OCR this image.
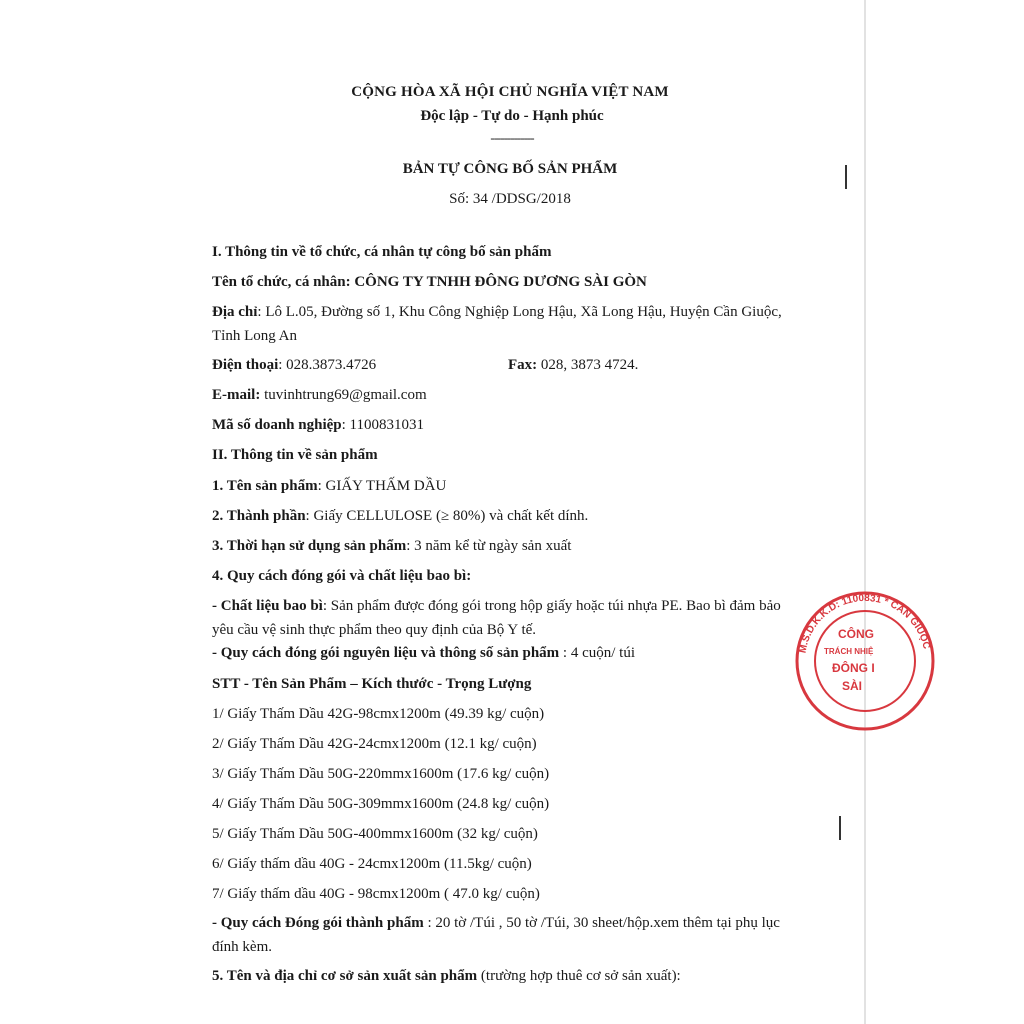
CỘNG HÒA XÃ HỘI CHỦ NGHĨA VIỆT NAM
Độc lập - Tự do - Hạnh phúc
-------------
BẢN TỰ CÔNG BỐ SẢN PHẨM
Số: 34 /DDSG/2018
I. Thông tin về tổ chức, cá nhân tự công bố sản phẩm
Tên tổ chức, cá nhân: CÔNG TY TNHH ĐÔNG DƯƠNG SÀI GÒN
Địa chỉ: Lô L.05, Đường số 1, Khu Công Nghiệp Long Hậu, Xã Long Hậu, Huyện Cần Giuộc,
Tỉnh Long An
Điện thoại: 028.3873.4726	Fax: 028, 3873 4724.
E-mail: tuvinhtrung69@gmail.com
Mã số doanh nghiệp: 1100831031
II. Thông tin về sản phẩm
1. Tên sản phẩm: GIẤY THẤM DẦU
2. Thành phần: Giấy CELLULOSE (≥ 80%) và chất kết dính.
3. Thời hạn sử dụng sản phẩm: 3 năm kể từ ngày sản xuất
4. Quy cách đóng gói và chất liệu bao bì:
- Chất liệu bao bì: Sản phẩm được đóng gói trong hộp giấy hoặc túi nhựa PE. Bao bì đảm bảo
yêu cầu vệ sinh thực phẩm theo quy định của Bộ Y tế.
- Quy cách đóng gói nguyên liệu và thông số sản phẩm : 4 cuộn/ túi
STT - Tên Sản Phẩm – Kích thước - Trọng Lượng
1/ Giấy Thấm Dầu 42G-98cmx1200m (49.39 kg/ cuộn)
2/ Giấy Thấm Dầu 42G-24cmx1200m (12.1 kg/ cuộn)
3/ Giấy Thấm Dầu 50G-220mmx1600m (17.6 kg/ cuộn)
4/ Giấy Thấm Dầu 50G-309mmx1600m (24.8 kg/ cuộn)
5/ Giấy Thấm Dầu 50G-400mmx1600m (32 kg/ cuộn)
6/ Giấy thấm dầu 40G - 24cmx1200m (11.5kg/ cuộn)
7/ Giấy thấm dầu 40G - 98cmx1200m ( 47.0 kg/ cuộn)
- Quy cách Đóng gói thành phẩm : 20 tờ /Túi , 50 tờ /Túi, 30 sheet/hộp.xem thêm tại phụ lục
đính kèm.
5. Tên và địa chỉ cơ sở sản xuất sản phẩm (trường hợp thuê cơ sở sản xuất):
M.S.D.K.K.D: 1100831 * CẦN GIUỘC
CÔNG
TRÁCH NHIỆ
ĐÔNG I
SÀI
